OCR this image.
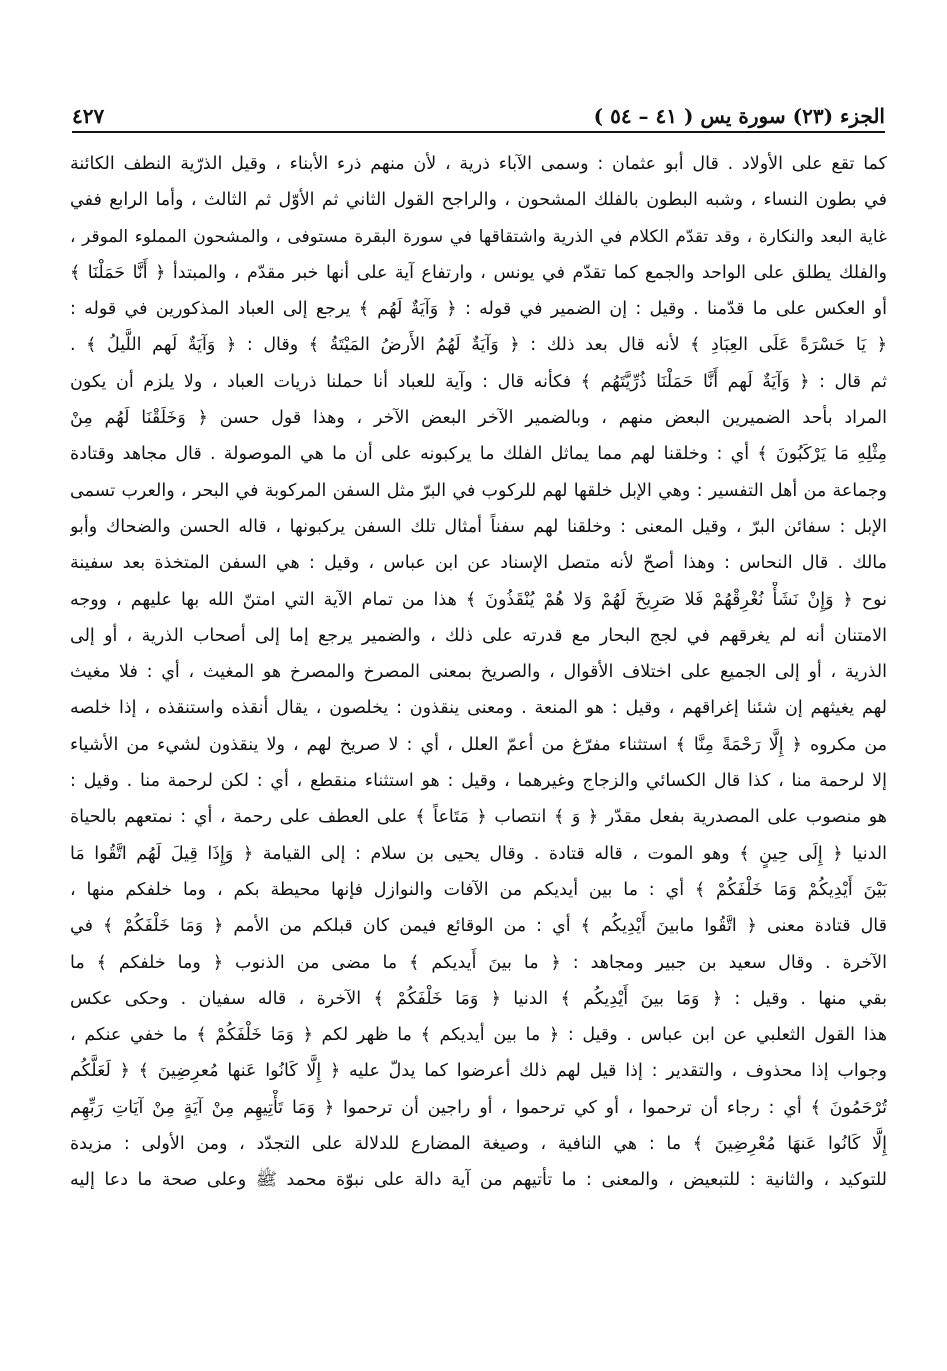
الجزء (٢٣) سورة يس ( ٤١ – ٥٤ )
٤٢٧
كما تقع على الأولاد . قال أبو عثمان : وسمى الآباء ذرية ، لأن منهم ذرء الأبناء ، وقيل الذرّية النطف الكائنة
في بطون النساء ، وشبه البطون بالفلك المشحون ، والراجح القول الثاني ثم الأوّل ثم الثالث ، وأما الرابع ففي
غاية البعد والنكارة ، وقد تقدّم الكلام في الذرية واشتقاقها في سورة البقرة مستوفى ، والمشحون المملوء الموقر ،
والفلك يطلق على الواحد والجمع كما تقدّم في يونس ، وارتفاع آية على أنها خبر مقدّم ، والمبتدأ ﴿ أَنَّا حَمَلْنَا ﴾
أو العكس على ما قدّمنا . وقيل : إن الضمير في قوله : ﴿ وَآيَةٌ لَهُم ﴾ يرجع إلى العباد المذكورين في قوله :
﴿ يَا حَسْرَةً عَلَى العِبَادِ ﴾ لأنه قال بعد ذلك : ﴿ وَآيَةٌ لَهُمُ الأَرضُ المَيْتَةُ ﴾ وقال : ﴿ وَآيَةٌ لَهم اللَّيلُ ﴾ .
ثم قال : ﴿ وَآيَةٌ لَهم أَنَّا حَمَلْنَا ذُرِّيَّتَهُم ﴾ فكأنه قال : وآية للعباد أنا حملنا ذريات العباد ، ولا يلزم أن يكون
المراد بأحد الضميرين البعض منهم ، وبالضمير الآخر البعض الآخر ، وهذا قول حسن ﴿ وَخَلَقْنَا لَهُم مِنْ
مِثْلِهِ مَا يَرْكَبُونَ ﴾ أي : وخلقنا لهم مما يماثل الفلك ما يركبونه على أن ما هي الموصولة . قال مجاهد وقتادة
وجماعة من أهل التفسير : وهي الإبل خلقها لهم للركوب في البرّ مثل السفن المركوبة في البحر ، والعرب تسمى
الإبل : سفائن البرّ ، وقيل المعنى : وخلقنا لهم سفناً أمثال تلك السفن يركبونها ، قاله الحسن والضحاك وأبو
مالك . قال النحاس : وهذا أصحّ لأنه متصل الإسناد عن ابن عباس ، وقيل : هي السفن المتخذة بعد سفينة
نوح ﴿ وَإِنْ نَشَأْ نُغْرِقْهُمْ فَلا صَرِيخَ لَهُمْ وَلا هُمْ يُنْقَذُونَ ﴾ هذا من تمام الآية التي امتنّ الله بها عليهم ، ووجه
الامتنان أنه لم يغرقهم في لجج البحار مع قدرته على ذلك ، والضمير يرجع إما إلى أصحاب الذرية ، أو إلى
الذرية ، أو إلى الجميع على اختلاف الأقوال ، والصريخ بمعنى المصرخ والمصرخ هو المغيث ، أي : فلا مغيث
لهم يغيثهم إن شئنا إغراقهم ، وقيل : هو المنعة . ومعنى ينقذون : يخلصون ، يقال أنقذه واستنقذه ، إذا خلصه
من مكروه ﴿ إِلَّا رَحْمَةً مِنَّا ﴾ استثناء مفرّغ من أعمّ العلل ، أي : لا صريخ لهم ، ولا ينقذون لشيء من الأشياء
إلا لرحمة منا ، كذا قال الكسائي والزجاج وغيرهما ، وقيل : هو استثناء منقطع ، أي : لكن لرحمة منا . وقيل :
هو منصوب على المصدرية بفعل مقدّر ﴿ وَ ﴾ انتصاب ﴿ مَتَاعاً ﴾ على العطف على رحمة ، أي : نمتعهم بالحياة
الدنيا ﴿ إِلَى حِينٍ ﴾ وهو الموت ، قاله قتادة . وقال يحيى بن سلام : إلى القيامة ﴿ وَإِذَا قِيلَ لَهُم اتَّقُوا مَا
بَيْنَ أَيْدِيكُمْ وَمَا خَلْفَكُمْ ﴾ أي : ما بين أيديكم من الآفات والنوازل فإنها محيطة بكم ، وما خلفكم منها ،
قال قتادة معنى ﴿ اتَّقُوا مابينَ أَيْدِيكُم ﴾ أي : من الوقائع فيمن كان قبلكم من الأمم ﴿ وَمَا خَلْفَكُمْ ﴾ في
الآخرة . وقال سعيد بن جبير ومجاهد : ﴿ ما بينَ أَيديكم ﴾ ما مضى من الذنوب ﴿ وما خلفكم ﴾ ما
بقي منها . وقيل : ﴿ وَمَا بينَ أَيْدِيكُم ﴾ الدنيا ﴿ وَمَا خَلْفَكُمْ ﴾ الآخرة ، قاله سفيان . وحكى عكس
هذا القول الثعلبي عن ابن عباس . وقيل : ﴿ ما بين أيديكم ﴾ ما ظهر لكم ﴿ وَمَا خَلْفَكُمْ ﴾ ما خفي عنكم ،
وجواب إذا محذوف ، والتقدير : إذا قيل لهم ذلك أعرضوا كما يدلّ عليه ﴿ إِلَّا كَانُوا عَنها مُعرِضِينَ ﴾ ﴿ لَعَلَّكُم
تُرْحَمُونَ ﴾ أي : رجاء أن ترحموا ، أو كي ترحموا ، أو راجين أن ترحموا ﴿ وَمَا تَأْتِيهِم مِنْ آيَةٍ مِنْ آيَاتِ رَبِّهِم
إِلَّا كَانُوا عَنهَا مُعْرِضِينَ ﴾ ما : هي النافية ، وصيغة المضارع للدلالة على التجدّد ، ومن الأولى : مزيدة
للتوكيد ، والثانية : للتبعيض ، والمعنى : ما تأتيهم من آية دالة على نبوّة محمد ﷺ وعلى صحة ما دعا إليه
